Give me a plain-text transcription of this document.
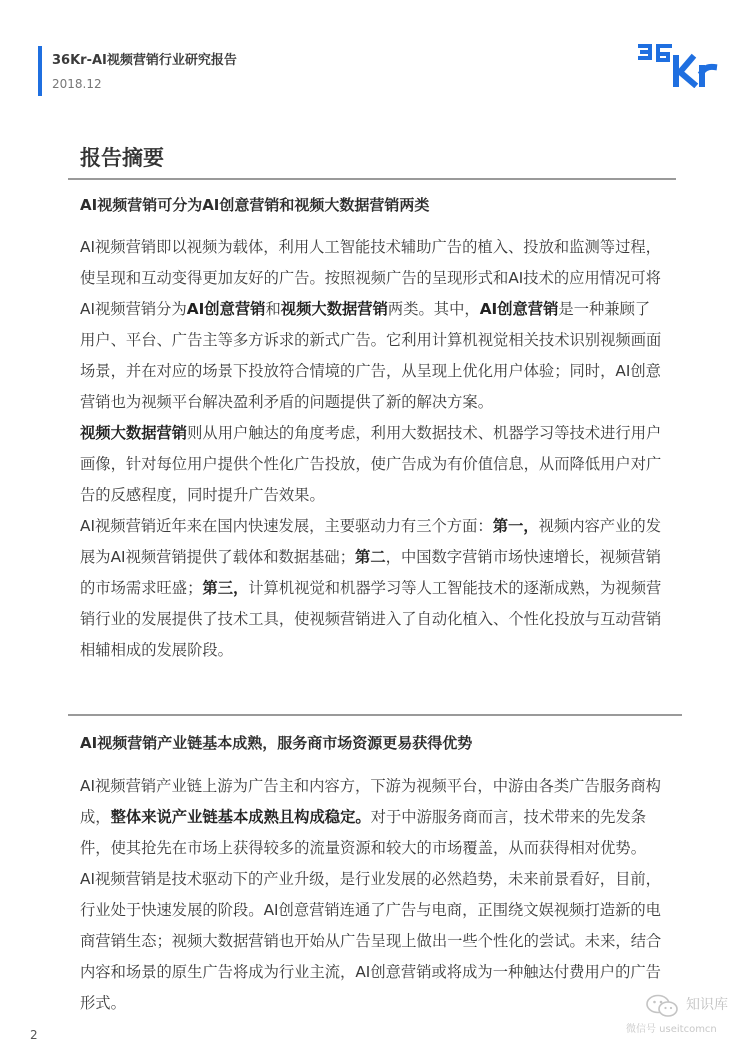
36Kr-AI视频营销行业研究报告
2018.12
报告摘要
AI视频营销可分为AI创意营销和视频大数据营销两类

AI视频营销即以视频为载体，利用人工智能技术辅助广告的植入、投放和监测等过程，使呈现和互动变得更加友好的广告。按照视频广告的呈现形式和AI技术的应用情况可将AI视频营销分为AI创意营销和视频大数据营销两类。其中，AI创意营销是一种兼顾了用户、平台、广告主等多方诉求的新式广告。它利用计算机视觉相关技术识别视频画面场景，并在对应的场景下投放符合情境的广告，从呈现上优化用户体验；同时，AI创意营销也为视频平台解决盈利矛盾的问题提供了新的解决方案。

视频大数据营销则从用户触达的角度考虑，利用大数据技术、机器学习等技术进行用户画像，针对每位用户提供个性化广告投放，使广告成为有价值信息，从而降低用户对广告的反感程度，同时提升广告效果。

AI视频营销近年来在国内快速发展，主要驱动力有三个方面：第一，视频内容产业的发展为AI视频营销提供了载体和数据基础；第二，中国数字营销市场快速增长，视频营销的市场需求旺盛；第三，计算机视觉和机器学习等人工智能技术的逐渐成熟，为视频营销行业的发展提供了技术工具，使视频营销进入了自动化植入、个性化投放与互动营销相辅相成的发展阶段。

AI视频营销产业链基本成熟，服务商市场资源更易获得优势

AI视频营销产业链上游为广告主和内容方，下游为视频平台，中游由各类广告服务商构成，整体来说产业链基本成熟且构成稳定。对于中游服务商而言，技术带来的先发条件，使其抢先在市场上获得较多的流量资源和较大的市场覆盖，从而获得相对优势。

AI视频营销是技术驱动下的产业升级，是行业发展的必然趋势，未来前景看好，目前，行业处于快速发展的阶段。AI创意营销连通了广告与电商，正围绕文娱视频打造新的电商营销生态；视频大数据营销也开始从广告呈现上做出一些个性化的尝试。未来，结合内容和场景的原生广告将成为行业主流，AI创意营销或将成为一种触达付费用户的广告形式。

2
知识库
微信号 useitcomcn
